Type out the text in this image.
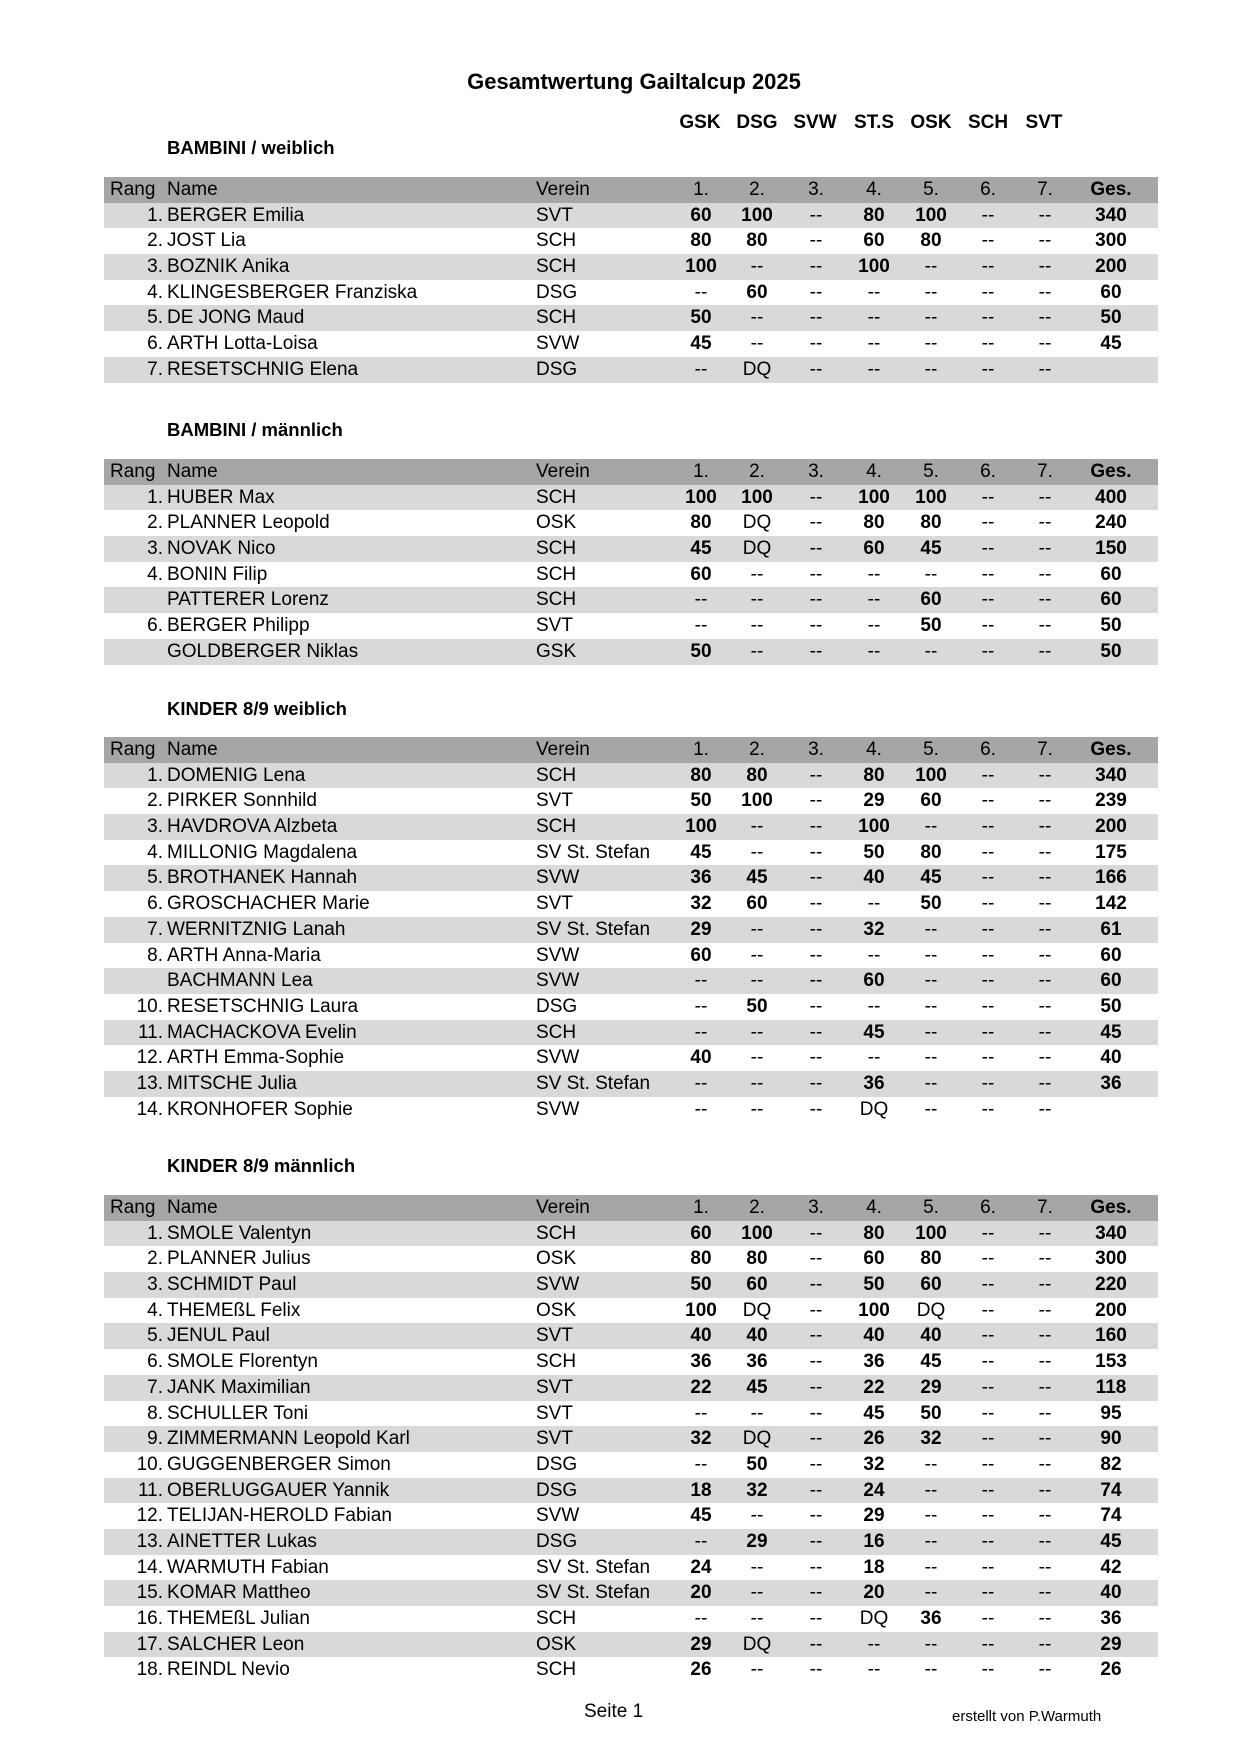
Gesamtwertung Gailtalcup 2025
GSK DSG SVW ST.S OSK SCH SVT
BAMBINI / weiblich
Rang Name	Verein	1.	2.	3.	4.	5.	6.	7.	Ges.
1. BERGER Emilia	SVT	60	100	--	80	100	--	--	340
2. JOST Lia	SCH	80	80	--	60	80	--	--	300
3. BOZNIK Anika	SCH	100	--	--	100	--	--	--	200
4. KLINGESBERGER Franziska	DSG	--	60	--	--	--	--	--	60
5. DE JONG Maud	SCH	50	--	--	--	--	--	--	50
6. ARTH Lotta-Loisa	SVW	45	--	--	--	--	--	--	45
7. RESETSCHNIG Elena	DSG	--	DQ	--	--	--	--	--
BAMBINI / männlich
Rang Name	Verein	1.	2.	3.	4.	5.	6.	7.	Ges.
1. HUBER Max	SCH	100	100	--	100	100	--	--	400
2. PLANNER Leopold	OSK	80	DQ	--	80	80	--	--	240
3. NOVAK Nico	SCH	45	DQ	--	60	45	--	--	150
4. BONIN Filip	SCH	60	--	--	--	--	--	--	60
PATTERER Lorenz	SCH	--	--	--	--	60	--	--	60
6. BERGER Philipp	SVT	--	--	--	--	50	--	--	50
GOLDBERGER Niklas	GSK	50	--	--	--	--	--	--	50
KINDER 8/9 weiblich
Rang Name	Verein	1.	2.	3.	4.	5.	6.	7.	Ges.
1. DOMENIG Lena	SCH	80	80	--	80	100	--	--	340
2. PIRKER Sonnhild	SVT	50	100	--	29	60	--	--	239
3. HAVDROVA Alzbeta	SCH	100	--	--	100	--	--	--	200
4. MILLONIG Magdalena	SV St. Stefan	45	--	--	50	80	--	--	175
5. BROTHANEK Hannah	SVW	36	45	--	40	45	--	--	166
6. GROSCHACHER Marie	SVT	32	60	--	--	50	--	--	142
7. WERNITZNIG Lanah	SV St. Stefan	29	--	--	32	--	--	--	61
8. ARTH Anna-Maria	SVW	60	--	--	--	--	--	--	60
BACHMANN Lea	SVW	--	--	--	60	--	--	--	60
10. RESETSCHNIG Laura	DSG	--	50	--	--	--	--	--	50
11. MACHACKOVA Evelin	SCH	--	--	--	45	--	--	--	45
12. ARTH Emma-Sophie	SVW	40	--	--	--	--	--	--	40
13. MITSCHE Julia	SV St. Stefan	--	--	--	36	--	--	--	36
14. KRONHOFER Sophie	SVW	--	--	--	DQ	--	--	--
KINDER 8/9 männlich
Rang Name	Verein	1.	2.	3.	4.	5.	6.	7.	Ges.
1. SMOLE Valentyn	SCH	60	100	--	80	100	--	--	340
2. PLANNER Julius	OSK	80	80	--	60	80	--	--	300
3. SCHMIDT Paul	SVW	50	60	--	50	60	--	--	220
4. THEMEßL Felix	OSK	100	DQ	--	100	DQ	--	--	200
5. JENUL Paul	SVT	40	40	--	40	40	--	--	160
6. SMOLE Florentyn	SCH	36	36	--	36	45	--	--	153
7. JANK Maximilian	SVT	22	45	--	22	29	--	--	118
8. SCHULLER Toni	SVT	--	--	--	45	50	--	--	95
9. ZIMMERMANN Leopold Karl	SVT	32	DQ	--	26	32	--	--	90
10. GUGGENBERGER Simon	DSG	--	50	--	32	--	--	--	82
11. OBERLUGGAUER Yannik	DSG	18	32	--	24	--	--	--	74
12. TELIJAN-HEROLD Fabian	SVW	45	--	--	29	--	--	--	74
13. AINETTER Lukas	DSG	--	29	--	16	--	--	--	45
14. WARMUTH Fabian	SV St. Stefan	24	--	--	18	--	--	--	42
15. KOMAR Mattheo	SV St. Stefan	20	--	--	20	--	--	--	40
16. THEMEßL Julian	SCH	--	--	--	DQ	36	--	--	36
17. SALCHER Leon	OSK	29	DQ	--	--	--	--	--	29
18. REINDL Nevio	SCH	26	--	--	--	--	--	--	26
Seite 1	erstellt von P.Warmuth
